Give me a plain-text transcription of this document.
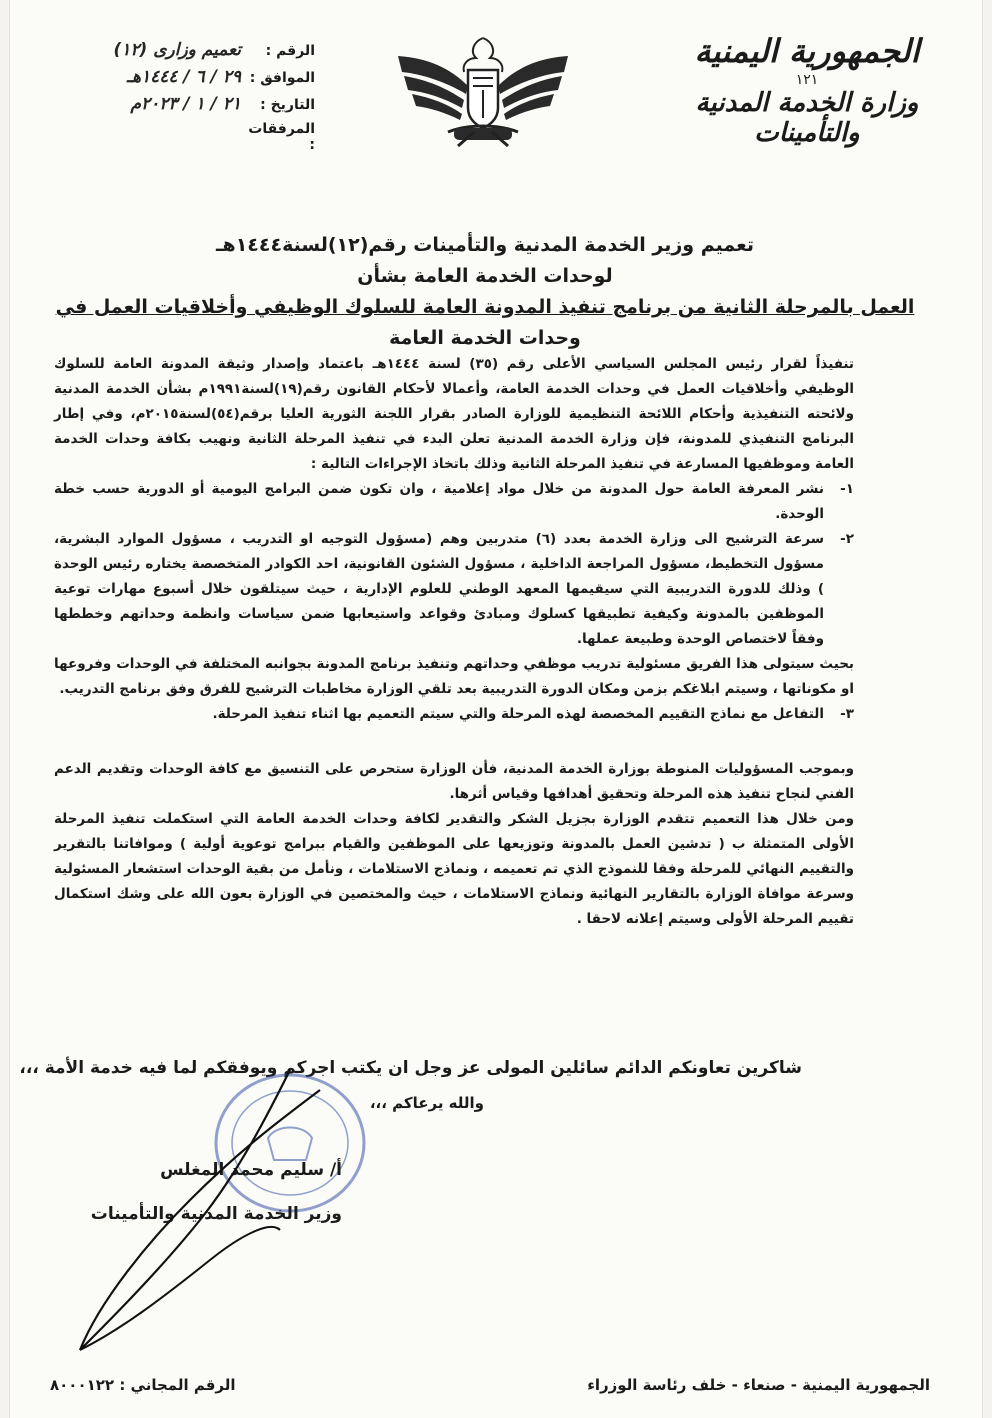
الجمهورية اليمنية
١٢١
وزارة الخدمة المدنية والتأمينات
الرقم :
تعميم وزارى (١٢)
الموافق :
٢٩ / ٦ / ١٤٤٤هـ
التاريخ :
٢١ / ١ / ٢٠٢٣م
المرفقات :
تعميم وزير الخدمة المدنية والتأمينات رقم(١٢)لسنة١٤٤٤هـ
لوحدات الخدمة العامة بشأن
العمل بالمرحلة الثانية من برنامج تنفيذ المدونة العامة للسلوك الوظيفي وأخلاقيات العمل في
وحدات الخدمة العامة

تنفيذاً لقرار رئيس المجلس السياسي الأعلى رقم (٣٥) لسنة ١٤٤٤هـ باعتماد وإصدار وثيقة المدونة العامة للسلوك الوظيفي وأخلاقيات العمل في وحدات الخدمة العامة، وأعمالا لأحكام القانون رقم(١٩)لسنة١٩٩١م بشأن الخدمة المدنية ولائحته التنفيذية وأحكام اللائحة التنظيمية للوزارة الصادر بقرار اللجنة الثورية العليا برقم(٥٤)لسنة٢٠١٥م، وفي إطار البرنامج التنفيذي للمدونة، فإن وزارة الخدمة المدنية تعلن البدء في تنفيذ المرحلة الثانية ونهيب بكافة وحدات الخدمة العامة وموظفيها المسارعة في تنفيذ المرحلة الثانية وذلك باتخاذ الإجراءات التالية :

١-
نشر المعرفة العامة حول المدونة من خلال مواد إعلامية ، وان تكون ضمن البرامج اليومية أو الدورية حسب خطة الوحدة.
٢-
سرعة الترشيح الى وزارة الخدمة بعدد (٦) متدربين وهم (مسؤول التوجيه او التدريب ، مسؤول الموارد البشرية، مسؤول التخطيط، مسؤول المراجعة الداخلية ، مسؤول الشئون القانونية، احد الكوادر المتخصصة يختاره رئيس الوحدة ) وذلك للدورة التدريبية التي سيقيمها المعهد الوطني للعلوم الإدارية ، حيث سيتلقون خلال أسبوع مهارات توعية الموظفين بالمدونة وكيفية تطبيقها كسلوك ومبادئ وقواعد واستيعابها ضمن سياسات وانظمة وحداتهم وخططها وفقاً لاختصاص الوحدة وطبيعة عملها.

بحيث سيتولى هذا الفريق مسئولية تدريب موظفي وحداتهم وتنفيذ برنامج المدونة بجوانبه المختلفة في الوحدات وفروعها او مكوناتها ، وسيتم ابلاغكم بزمن ومكان الدورة التدريبية بعد تلقي الوزارة مخاطبات الترشيح للفرق وفق برنامج التدريب.

٣-
التفاعل مع نماذج التقييم المخصصة لهذه المرحلة والتي سيتم التعميم بها اثناء تنفيذ المرحلة.

وبموجب المسؤوليات المنوطة بوزارة الخدمة المدنية، فأن الوزارة ستحرص على التنسيق مع كافة الوحدات وتقديم الدعم الفني لنجاح تنفيذ هذه المرحلة وتحقيق أهدافها وقياس أثرها.

ومن خلال هذا التعميم تتقدم الوزارة بجزيل الشكر والتقدير لكافة وحدات الخدمة العامة التي استكملت تنفيذ المرحلة الأولى المتمثلة ب ( تدشين العمل بالمدونة وتوزيعها على الموظفين والقيام ببرامج توعوية أولية ) وموافاتنا بالتقرير والتقييم النهائي للمرحلة وفقا للنموذج الذي تم تعميمه ، ونماذج الاستلامات ، ونأمل من بقية الوحدات استشعار المسئولية وسرعة موافاة الوزارة بالتقارير النهائية ونماذج الاستلامات ، حيث والمختصين في الوزارة بعون الله على وشك استكمال تقييم المرحلة الأولى وسيتم إعلانه لاحقا .

شاكرين تعاونكم الدائم سائلين المولى عز وجل ان يكتب اجركم ويوفقكم لما فيه خدمة الأمة ،،،
والله يرعاكم ،،،
أ/ سليم محمد المغلس
وزير الخدمة المدنية والتأمينات
الجمهورية اليمنية - صنعاء - خلف رئاسة الوزراء
الرقم المجاني : ٨٠٠٠١٢٢
